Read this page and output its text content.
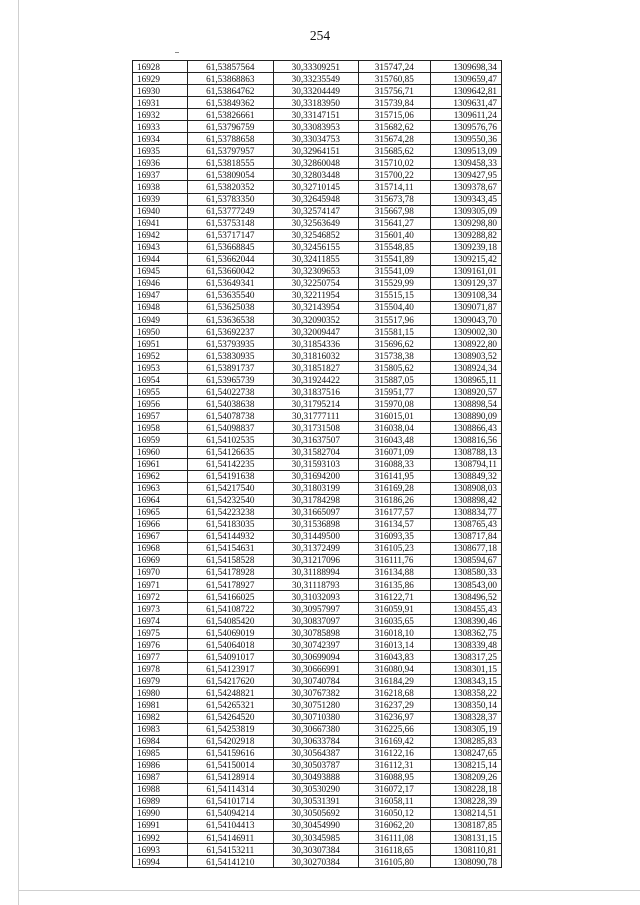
254
16928	61,53857564	30,33309251	315747,24	1309698,34
16929	61,53868863	30,33235549	315760,85	1309659,47
16930	61,53864762	30,33204449	315756,71	1309642,81
16931	61,53849362	30,33183950	315739,84	1309631,47
16932	61,53826661	30,33147151	315715,06	1309611,24
16933	61,53796759	30,33083953	315682,62	1309576,76
16934	61,53788658	30,33034753	315674,28	1309550,36
16935	61,53797957	30,32964151	315685,62	1309513,09
16936	61,53818555	30,32860048	315710,02	1309458,33
16937	61,53809054	30,32803448	315700,22	1309427,95
16938	61,53820352	30,32710145	315714,11	1309378,67
16939	61,53783350	30,32645948	315673,78	1309343,45
16940	61,53777249	30,32574147	315667,98	1309305,09
16941	61,53753148	30,32563649	315641,27	1309298,80
16942	61,53717147	30,32546852	315601,40	1309288,82
16943	61,53668845	30,32456155	315548,85	1309239,18
16944	61,53662044	30,32411855	315541,89	1309215,42
16945	61,53660042	30,32309653	315541,09	1309161,01
16946	61,53649341	30,32250754	315529,99	1309129,37
16947	61,53635540	30,32211954	315515,15	1309108,34
16948	61,53625038	30,32143954	315504,40	1309071,87
16949	61,53636538	30,32090352	315517,96	1309043,70
16950	61,53692237	30,32009447	315581,15	1309002,30
16951	61,53793935	30,31854336	315696,62	1308922,80
16952	61,53830935	30,31816032	315738,38	1308903,52
16953	61,53891737	30,31851827	315805,62	1308924,34
16954	61,53965739	30,31924422	315887,05	1308965,11
16955	61,54022738	30,31837516	315951,77	1308920,57
16956	61,54038638	30,31795214	315970,08	1308898,54
16957	61,54078738	30,31777111	316015,01	1308890,09
16958	61,54098837	30,31731508	316038,04	1308866,43
16959	61,54102535	30,31637507	316043,48	1308816,56
16960	61,54126635	30,31582704	316071,09	1308788,13
16961	61,54142235	30,31593103	316088,33	1308794,11
16962	61,54191638	30,31694200	316141,95	1308849,32
16963	61,54217540	30,31803199	316169,28	1308908,03
16964	61,54232540	30,31784298	316186,26	1308898,42
16965	61,54223238	30,31665097	316177,57	1308834,77
16966	61,54183035	30,31536898	316134,57	1308765,43
16967	61,54144932	30,31449500	316093,35	1308717,84
16968	61,54154631	30,31372499	316105,23	1308677,18
16969	61,54158528	30,31217096	316111,76	1308594,67
16970	61,54178928	30,31188994	316134,88	1308580,33
16971	61,54178927	30,31118793	316135,86	1308543,00
16972	61,54166025	30,31032093	316122,71	1308496,52
16973	61,54108722	30,30957997	316059,91	1308455,43
16974	61,54085420	30,30837097	316035,65	1308390,46
16975	61,54069019	30,30785898	316018,10	1308362,75
16976	61,54064018	30,30742397	316013,14	1308339,48
16977	61,54091017	30,30699094	316043,83	1308317,25
16978	61,54123917	30,30666991	316080,94	1308301,15
16979	61,54217620	30,30740784	316184,29	1308343,15
16980	61,54248821	30,30767382	316218,68	1308358,22
16981	61,54265321	30,30751280	316237,29	1308350,14
16982	61,54264520	30,30710380	316236,97	1308328,37
16983	61,54253819	30,30667380	316225,66	1308305,19
16984	61,54202918	30,30633784	316169,42	1308285,83
16985	61,54159616	30,30564387	316122,16	1308247,65
16986	61,54150014	30,30503787	316112,31	1308215,14
16987	61,54128914	30,30493888	316088,95	1308209,26
16988	61,54114314	30,30530290	316072,17	1308228,18
16989	61,54101714	30,30531391	316058,11	1308228,39
16990	61,54094214	30,30505692	316050,12	1308214,51
16991	61,54104413	30,30454990	316062,20	1308187,85
16992	61,54146911	30,30345985	316111,08	1308131,15
16993	61,54153211	30,30307384	316118,65	1308110,81
16994	61,54141210	30,30270384	316105,80	1308090,78
